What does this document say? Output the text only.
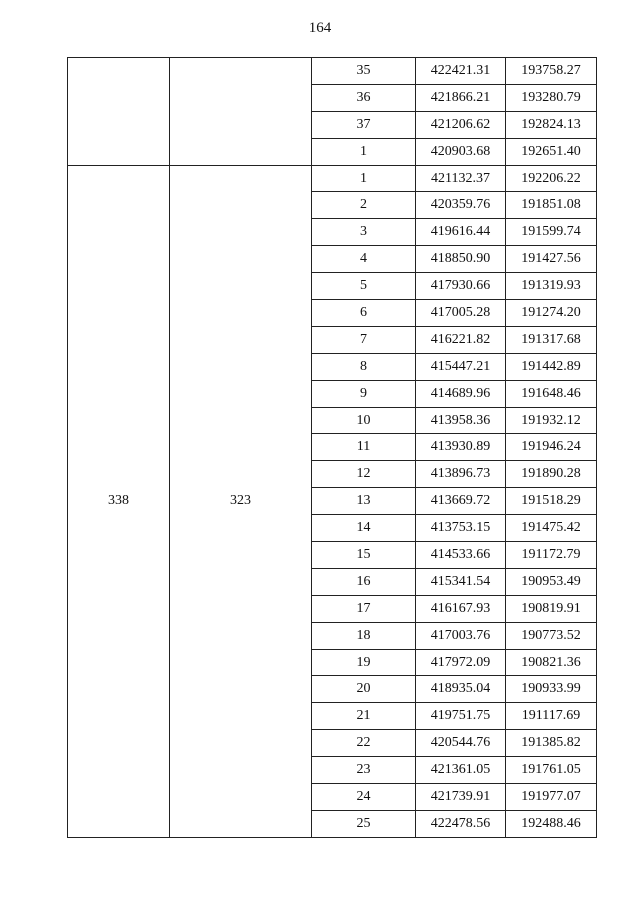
164
		35	422421.31	193758.27
		36	421866.21	193280.79
		37	421206.62	192824.13
		1	420903.68	192651.40
338	323	1	421132.37	192206.22
		2	420359.76	191851.08
		3	419616.44	191599.74
		4	418850.90	191427.56
		5	417930.66	191319.93
		6	417005.28	191274.20
		7	416221.82	191317.68
		8	415447.21	191442.89
		9	414689.96	191648.46
		10	413958.36	191932.12
		11	413930.89	191946.24
		12	413896.73	191890.28
		13	413669.72	191518.29
		14	413753.15	191475.42
		15	414533.66	191172.79
		16	415341.54	190953.49
		17	416167.93	190819.91
		18	417003.76	190773.52
		19	417972.09	190821.36
		20	418935.04	190933.99
		21	419751.75	191117.69
		22	420544.76	191385.82
		23	421361.05	191761.05
		24	421739.91	191977.07
		25	422478.56	192488.46
